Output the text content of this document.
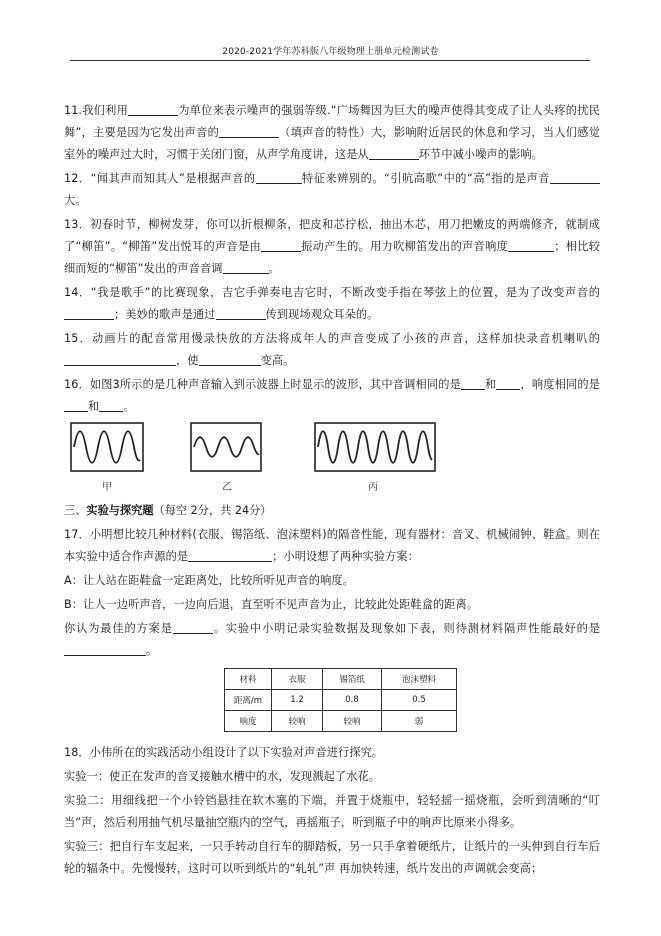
2020-2021学年苏科版八年级物理上册单元检测试卷

11.我们利用	为单位来表示噪声的强弱等级.“广场舞因为巨大的噪声使得其变成了让人头疼的扰民舞”，主要是因为它发出声音的	（填声音的特性）大，影响附近居民的休息和学习，当人们感觉室外的噪声过大时，习惯于关闭门窗，从声学角度讲，这是从	环节中减小噪声的影响。

12．“闻其声而知其人”是根据声音的	特征来辨别的。“引吭高歌”中的“高”指的是声音大。

13．初春时节，柳树发芽，你可以折根柳条，把皮和芯拧松，抽出木芯，用刀把嫩皮的两端修齐，就制成了“柳笛”。“柳笛”发出悦耳的声音是由	振动产生的。用力吹柳笛发出的声音响度	；相比较细而短的“柳笛”发出的声音音调	。

14．“我是歌手”的比赛现象，吉它手弹奏电吉它时，不断改变手指在琴弦上的位置，是为了改变声音的；美妙的歌声是通过	传到现场观众耳朵的。

15．动画片的配音常用慢录快放的方法将成年人的声音变成了小孩的声音，这样加快录音机喇叭的，使	变高。

16．如图3所示的是几种声音输入到示波器上时显示的波形，其中音调相同的是 和 ，响度相同的是和 。

甲	乙	丙

三、实验与探究题（每空 2分，共 24分）

17．小明想比较几种材料(衣服、锡箔纸、泡沫塑料)的隔音性能，现有器材：音叉、机械闹钟、鞋盒。则在本实验中适合作声源的是	；小明设想了两种实验方案：

A：让人站在距鞋盒一定距离处，比较所听见声音的响度。

B：让人一边听声音，一边向后退，直至听不见声音为止，比较此处距鞋盒的距离。

你认为最佳的方案是	。实验中小明记录实验数据及现象如下表，则待测材料隔声性能最好的是。

材料	衣服	锡箔纸	泡沫塑料
距离/m	1.2	0.8	0.5
响度	较响	较响	弱

18．小伟所在的实践活动小组设计了以下实验对声音进行探究。

实验一：使正在发声的音叉接触水槽中的水，发现溅起了水花。

实验二：用细线把一个小铃铛悬挂在软木塞的下端，并置于烧瓶中，轻轻摇一摇烧瓶，会听到清晰的“叮当”声，然后利用抽气机尽量抽空瓶内的空气，再摇瓶子，听到瓶子中的响声比原来小得多。

实验三：把自行车支起来，一只手转动自行车的脚踏板，另一只手拿着硬纸片，让纸片的一头伸到自行车后轮的辐条中。先慢慢转，这时可以听到纸片的“轧轧”声 再加快转速，纸片发出的声调就会变高；
